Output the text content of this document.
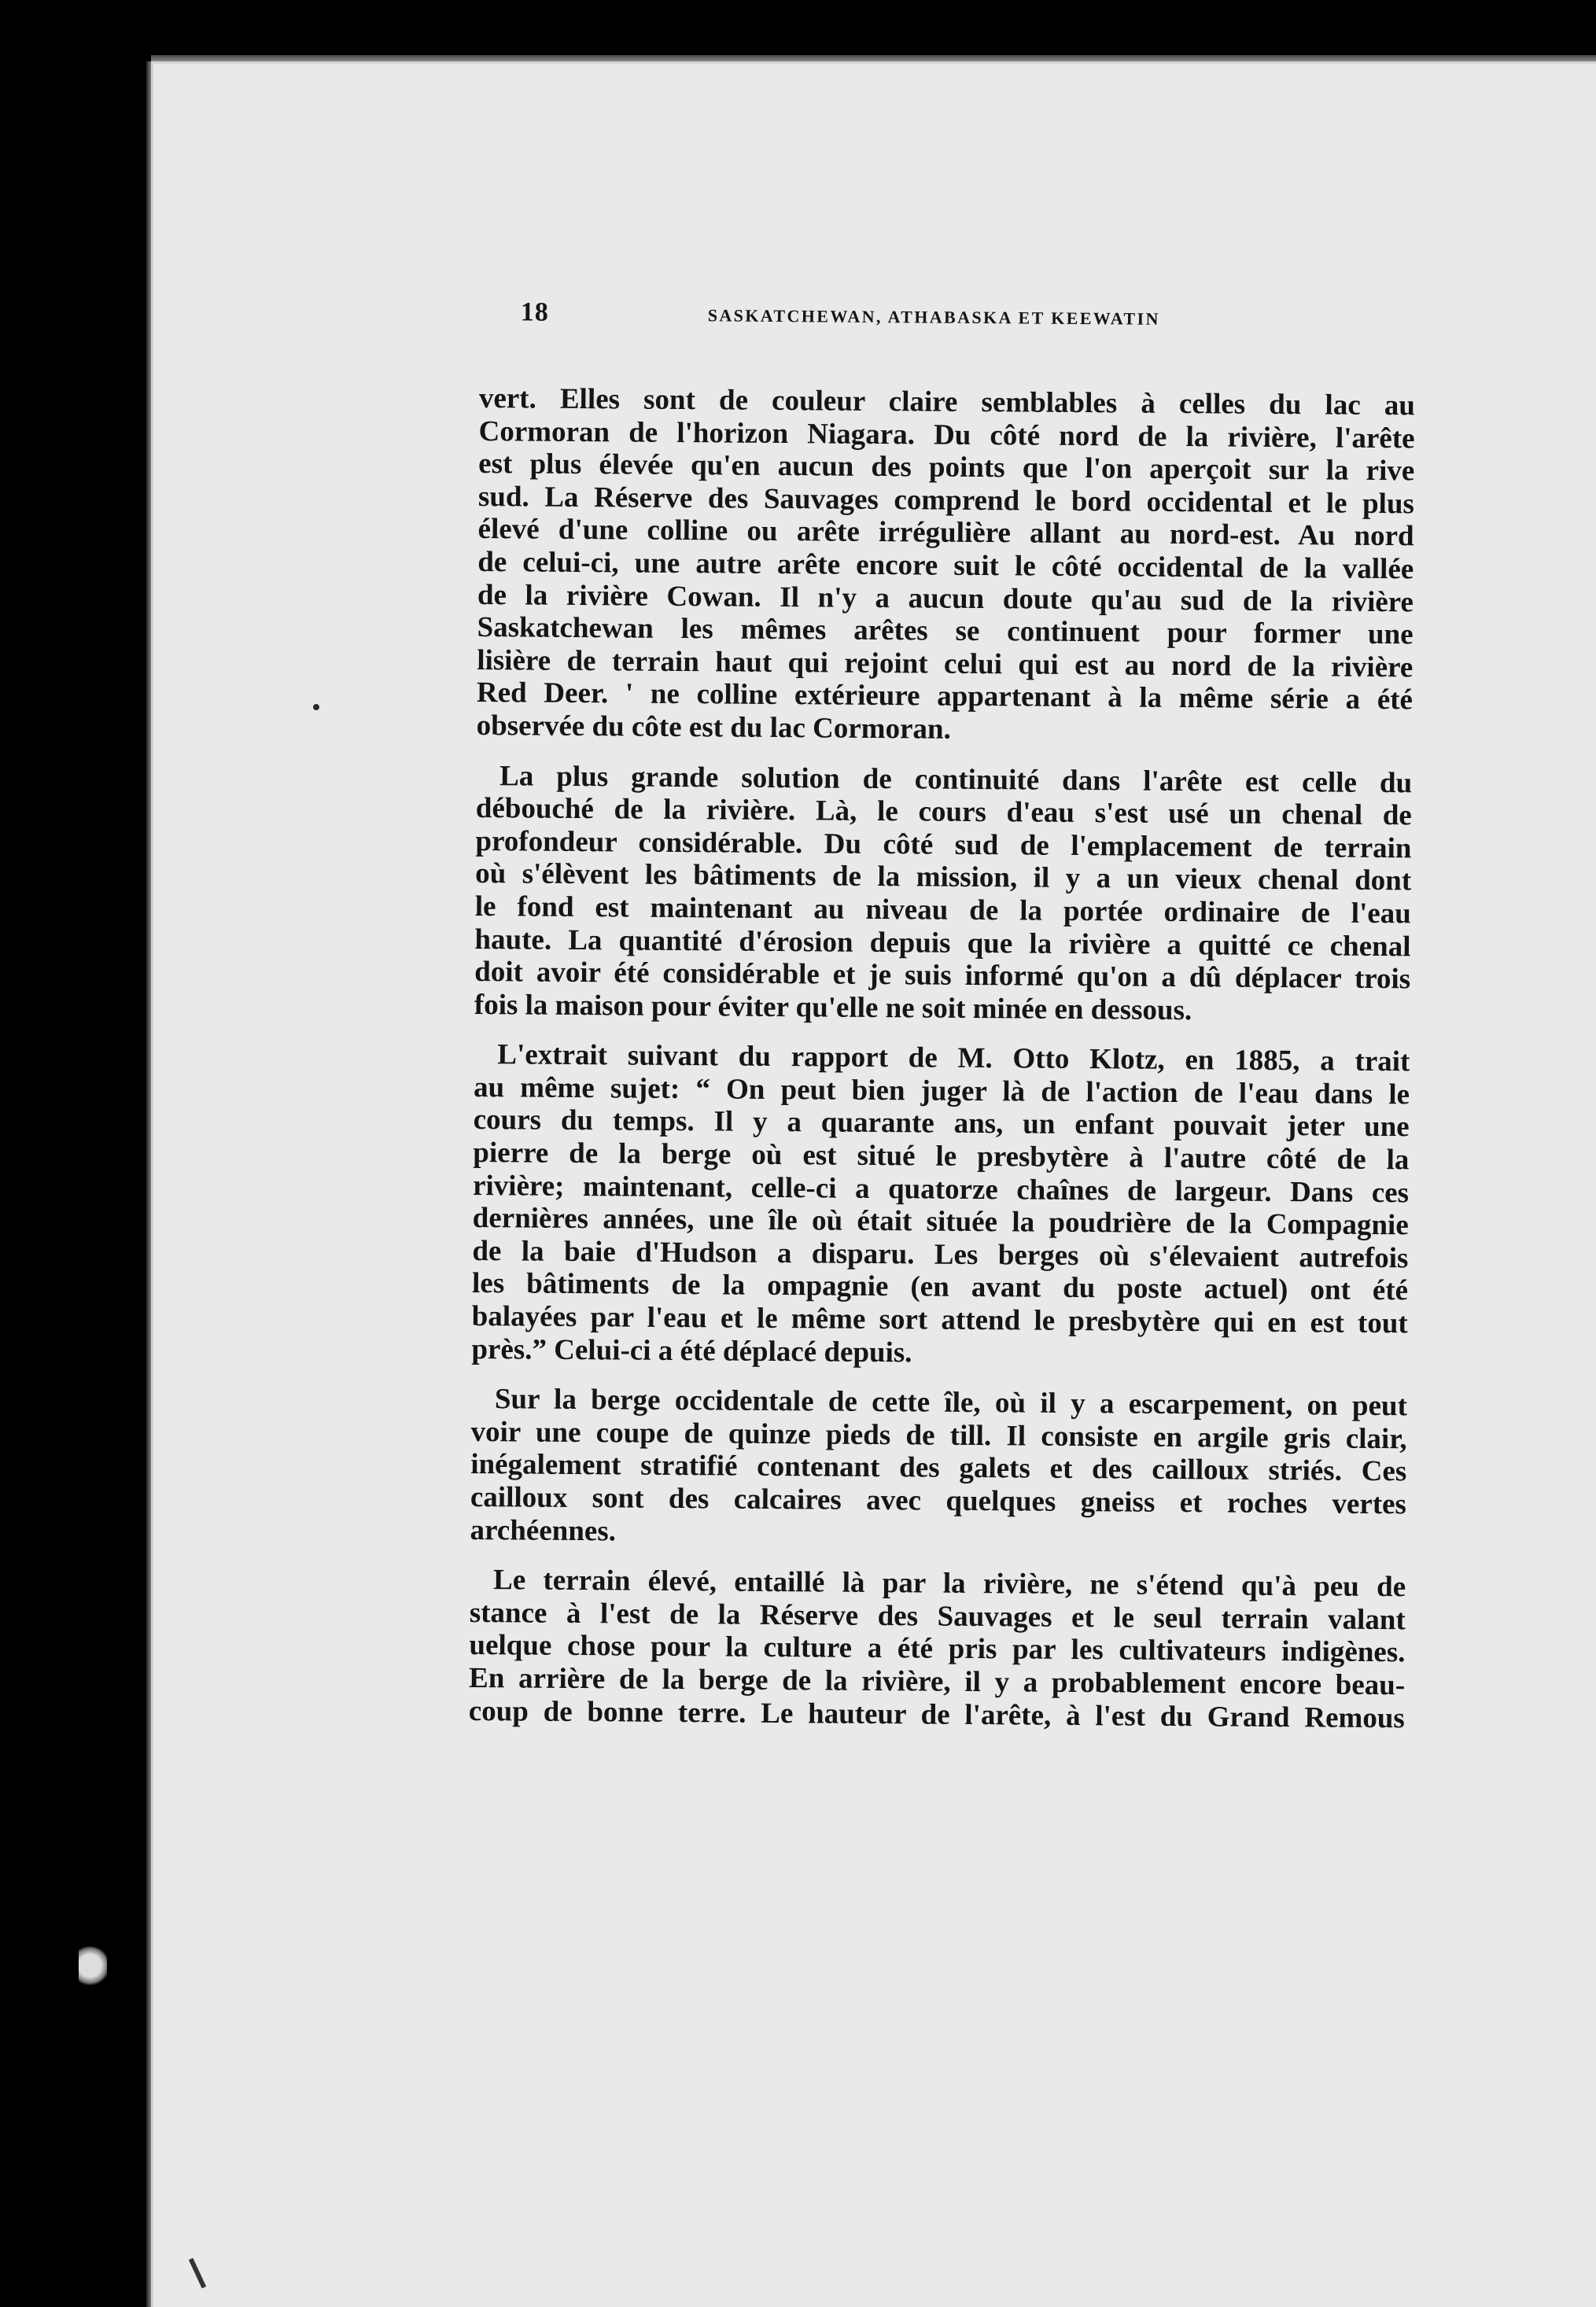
18	SASKATCHEWAN, ATHABASKA ET KEEWATIN
vert. Elles sont de couleur claire semblables à celles du lac au
Cormoran de l'horizon Niagara. Du côté nord de la rivière, l'arête
est plus élevée qu'en aucun des points que l'on aperçoit sur la rive
sud. La Réserve des Sauvages comprend le bord occidental et le plus
élevé d'une colline ou arête irrégulière allant au nord-est. Au nord
de celui-ci, une autre arête encore suit le côté occidental de la vallée
de la rivière Cowan. Il n'y a aucun doute qu'au sud de la rivière
Saskatchewan les mêmes arêtes se continuent pour former une
lisière de terrain haut qui rejoint celui qui est au nord de la rivière
Red Deer. ' ne colline extérieure appartenant à la même série a été
observée du côte est du lac Cormoran.
La plus grande solution de continuité dans l'arête est celle du
débouché de la rivière. Là, le cours d'eau s'est usé un chenal de
profondeur considérable. Du côté sud de l'emplacement de terrain
où s'élèvent les bâtiments de la mission, il y a un vieux chenal dont
le fond est maintenant au niveau de la portée ordinaire de l'eau
haute. La quantité d'érosion depuis que la rivière a quitté ce chenal
doit avoir été considérable et je suis informé qu'on a dû déplacer trois
fois la maison pour éviter qu'elle ne soit minée en dessous.
L'extrait suivant du rapport de M. Otto Klotz, en 1885, a trait
au même sujet: “ On peut bien juger là de l'action de l'eau dans le
cours du temps. Il y a quarante ans, un enfant pouvait jeter une
pierre de la berge où est situé le presbytère à l'autre côté de la
rivière; maintenant, celle-ci a quatorze chaînes de largeur. Dans ces
dernières années, une île où était située la poudrière de la Compagnie
de la baie d'Hudson a disparu. Les berges où s'élevaient autrefois
les bâtiments de la ompagnie (en avant du poste actuel) ont été
balayées par l'eau et le même sort attend le presbytère qui en est tout
près.” Celui-ci a été déplacé depuis.
Sur la berge occidentale de cette île, où il y a escarpement, on peut
voir une coupe de quinze pieds de till. Il consiste en argile gris clair,
inégalement stratifié contenant des galets et des cailloux striés. Ces
cailloux sont des calcaires avec quelques gneiss et roches vertes
archéennes.
Le terrain élevé, entaillé là par la rivière, ne s'étend qu'à peu de
stance à l'est de la Réserve des Sauvages et le seul terrain valant
uelque chose pour la culture a été pris par les cultivateurs indigènes.
En arrière de la berge de la rivière, il y a probablement encore beau-
coup de bonne terre. Le hauteur de l'arête, à l'est du Grand Remous
